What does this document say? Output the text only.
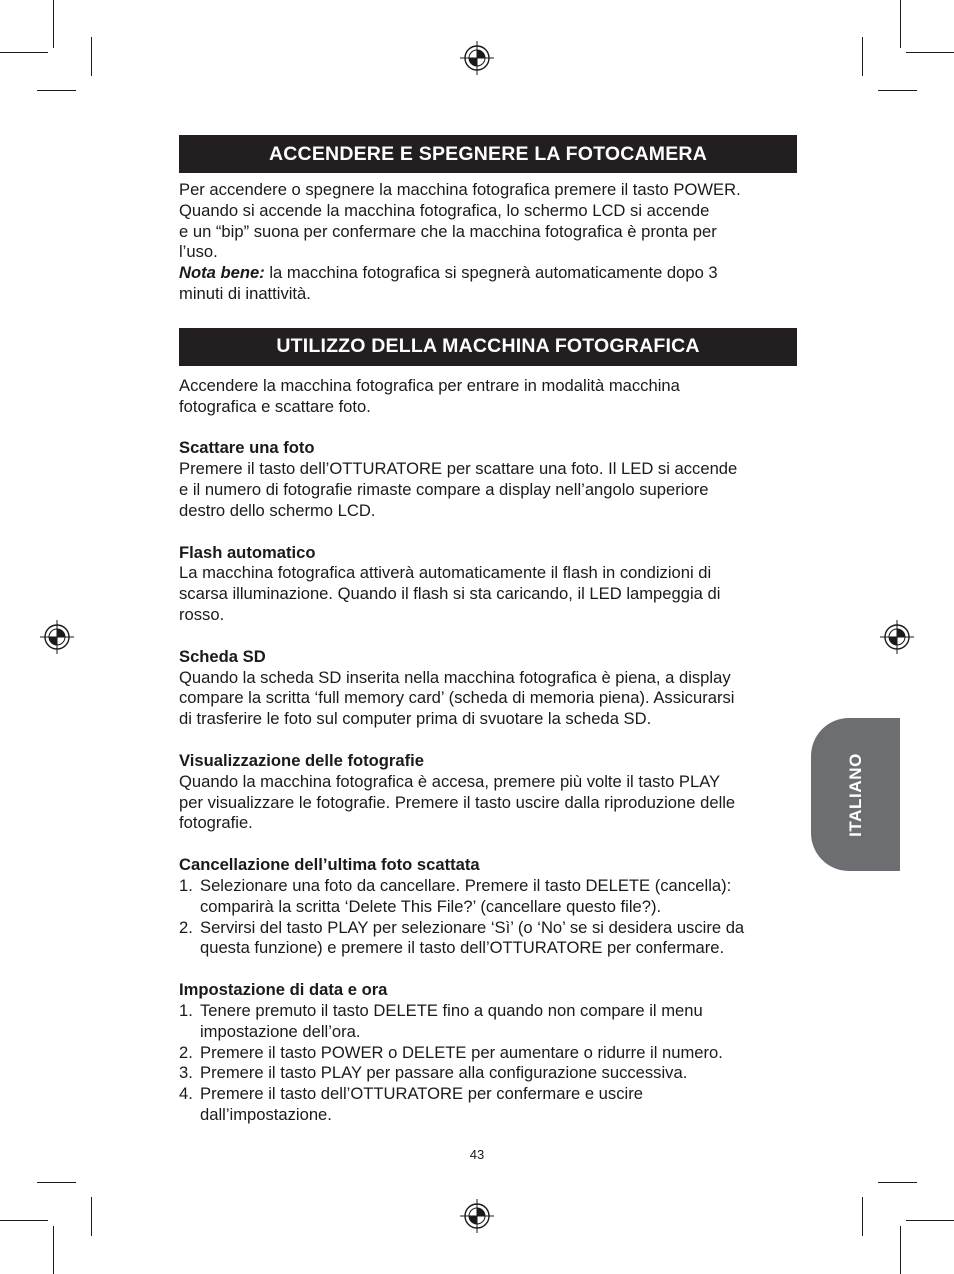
ACCENDERE E SPEGNERE LA FOTOCAMERA

Per accendere o spegnere la macchina fotografica premere il tasto POWER.

Quando si accende la macchina fotografica, lo schermo LCD si accende

e un “bip” suona per confermare che la macchina fotografica è pronta per

l’uso.

Nota bene: la macchina fotografica si spegnerà automaticamente dopo 3

minuti di inattività.

UTILIZZO DELLA MACCHINA FOTOGRAFICA

Accendere la macchina fotografica per entrare in modalità macchina

fotografica e scattare foto.

Scattare una foto

Premere il tasto dell’OTTURATORE per scattare una foto. Il LED si accende

e il numero di fotografie rimaste compare a display nell’angolo superiore

destro dello schermo LCD.

Flash automatico

La macchina fotografica attiverà automaticamente il flash in condizioni di

scarsa illuminazione. Quando il flash si sta caricando, il LED lampeggia di

rosso.

Scheda SD

Quando la scheda SD inserita nella macchina fotografica è piena, a display

compare la scritta ‘full memory card’ (scheda di memoria piena). Assicurarsi

di trasferire le foto sul computer prima di svuotare la scheda SD.

Visualizzazione delle fotografie

Quando la macchina fotografica è accesa, premere più volte il tasto PLAY

per visualizzare le fotografie. Premere il tasto uscire dalla riproduzione delle

fotografie.

Cancellazione dell’ultima foto scattata

1. Selezionare una foto da cancellare. Premere il tasto DELETE (cancella):
comparirà la scritta ‘Delete This File?’ (cancellare questo file?).
2. Servirsi del tasto PLAY per selezionare ‘Sì’ (o ‘No’ se si desidera uscire da
questa funzione) e premere il tasto dell’OTTURATORE per confermare.

Impostazione di data e ora

1. Tenere premuto il tasto DELETE fino a quando non compare il menu
impostazione dell’ora.
2. Premere il tasto POWER o DELETE per aumentare o ridurre il numero.
3. Premere il tasto PLAY per passare alla configurazione successiva.
4. Premere il tasto dell’OTTURATORE per confermare e uscire
dall’impostazione.
ITALIANO
43
